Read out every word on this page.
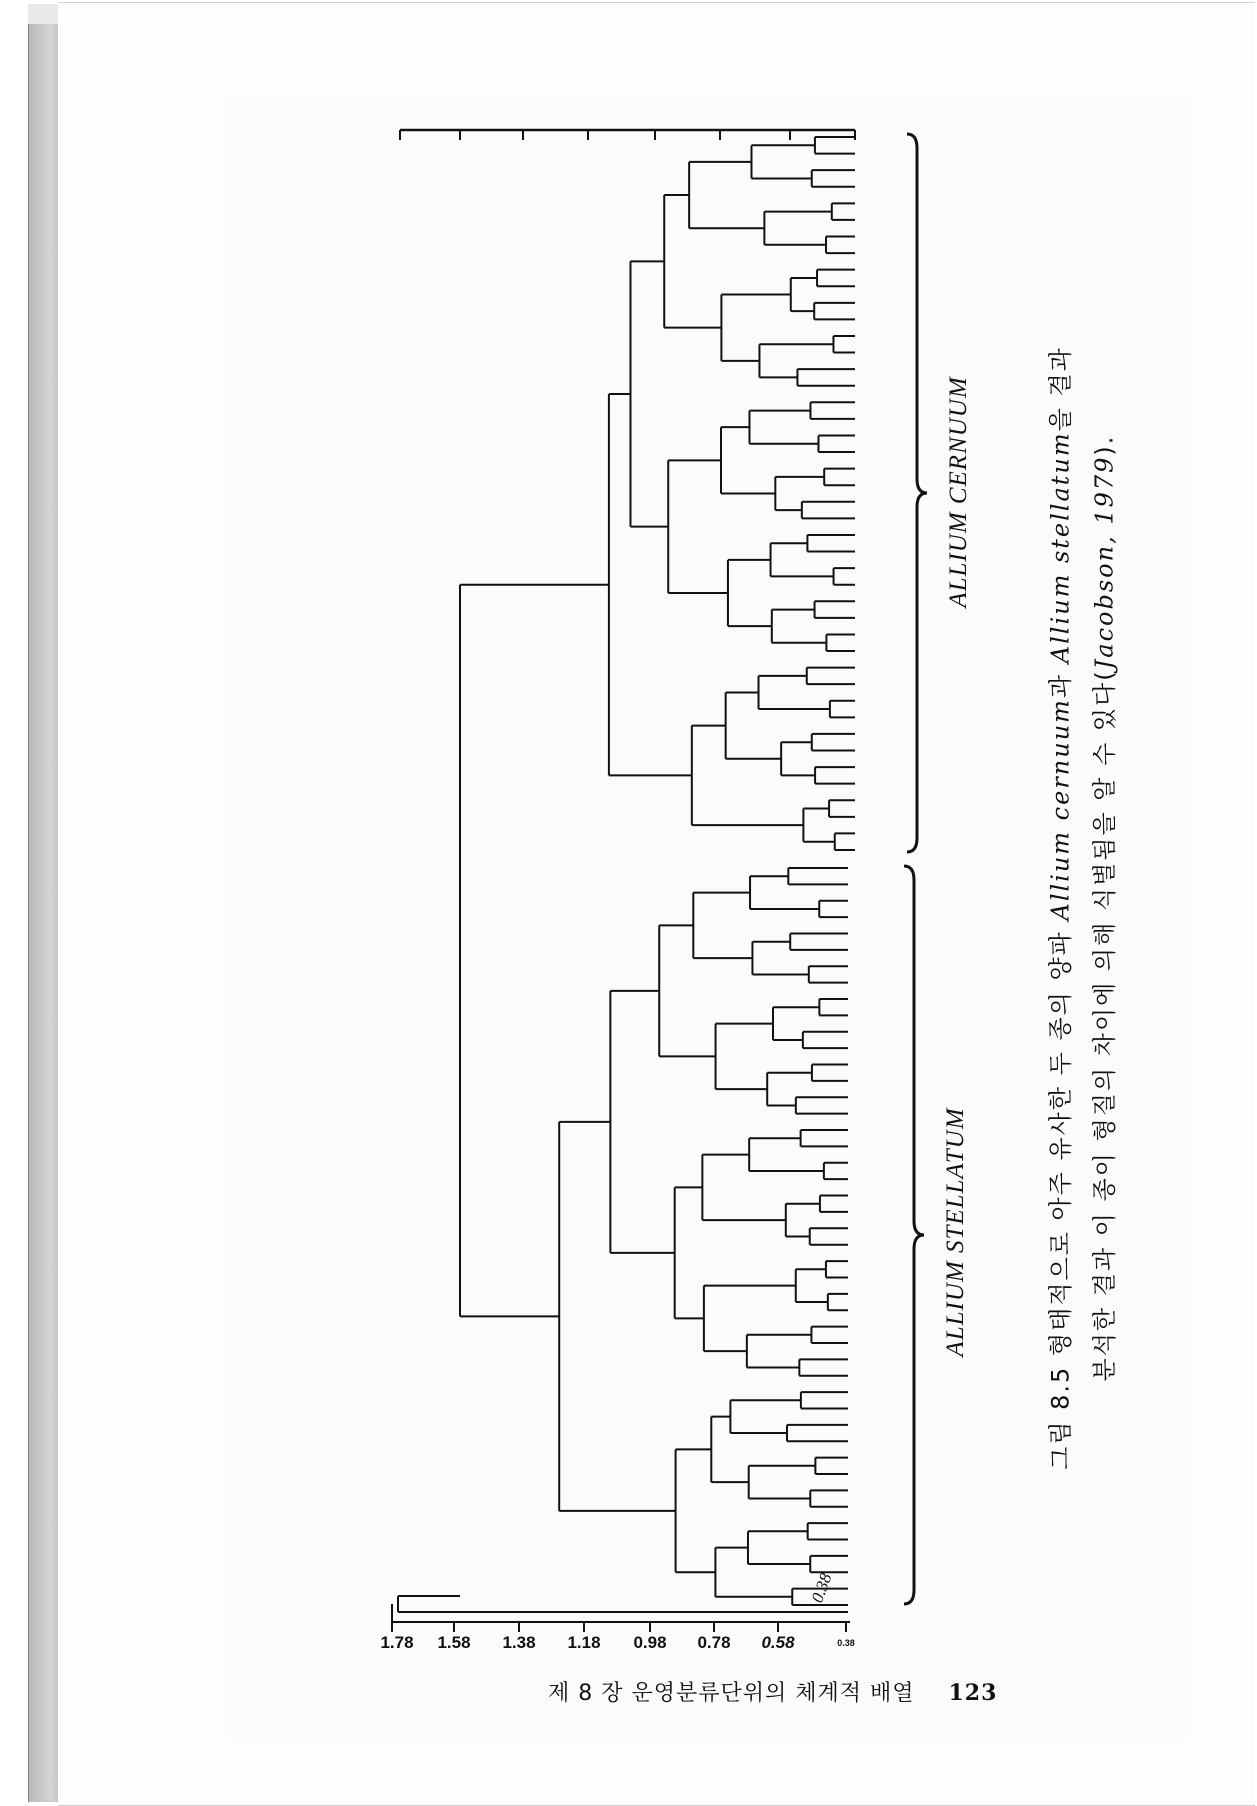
1.78 1.58 1.38 1.18 0.98 0.78 0.58	0.38
0.38
ALLIUM CERNUUM
ALLIUM STELLATUM	그림 8.5 형태적으로 아주 유사한 두 종의 양파 Allium cernuum과 Allium stellatum을 결과
분석한 결과 이 종이 형질의 차이에 의해 식별됨을 알 수 있다(Jacobson, 1979).
제 8 장 운영분류단위의 체계적 배열 123
